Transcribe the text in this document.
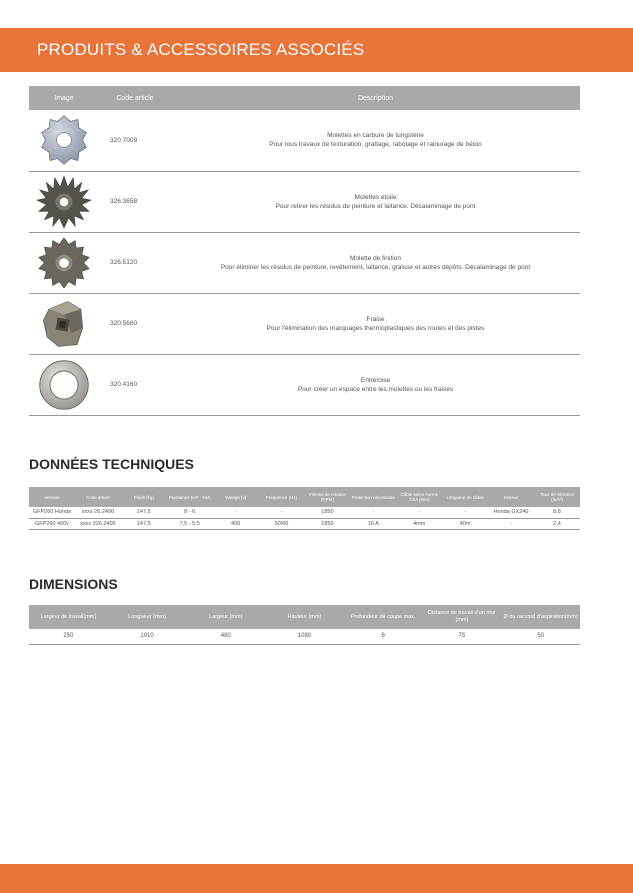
PRODUITS & ACCESSOIRES ASSOCIÉS
Image	Code article	Description

	320.7009	Molettes en carbure de tungstène
Pour tous travaux de texturation, grattage, rabotage et rainurage de béton

	326.3658	Molettes étoile
Pour retirer les résidus de peinture et laitance. Décalaminage de pont

	326.5120	Molette de finition
Pour éliminer les résidus de peinture, revêtement, laitance, graisse et autres dépôts. Décalaminage de pont

	320.5680	Fraise
Pour l'élimination des marquages thermoplastiques des routes et des pistes

	320.4160	Entretoise
Pour créer un espace entre les molettes ou les fraises
DONNÉES TECHNIQUES
Version	Code article	Poids (kg)	Puissance (HP - kW)	Voltage (v)	Fréquence (Hz)	Vitesse de rotation (RPM)	Protection nécessaire	Câble selon norme CSA (mm)	Longueur de câble	Moteur	Taux de vibration (m/s²)
GFP260 Honda	xxxx 26.2400	147,5	8 - 6	-	-	1850	-	-	-	Honda GX240	8,8
GFP260 400v	xxxx 326.2406	147,5	7,5 - 5,5	400	50/60	1850	16 A	4mm	40m	-	2,4
DIMENSIONS
Largeur de travail(mm)	Longueur (mm)	Largeur (mm)	Hauteur (mm)	Profondeur de coupe max.	Distance de travail d'un mur (mm)	Ø du raccord d'aspiration(mm)
250	1010	480	1080	6	75	50
